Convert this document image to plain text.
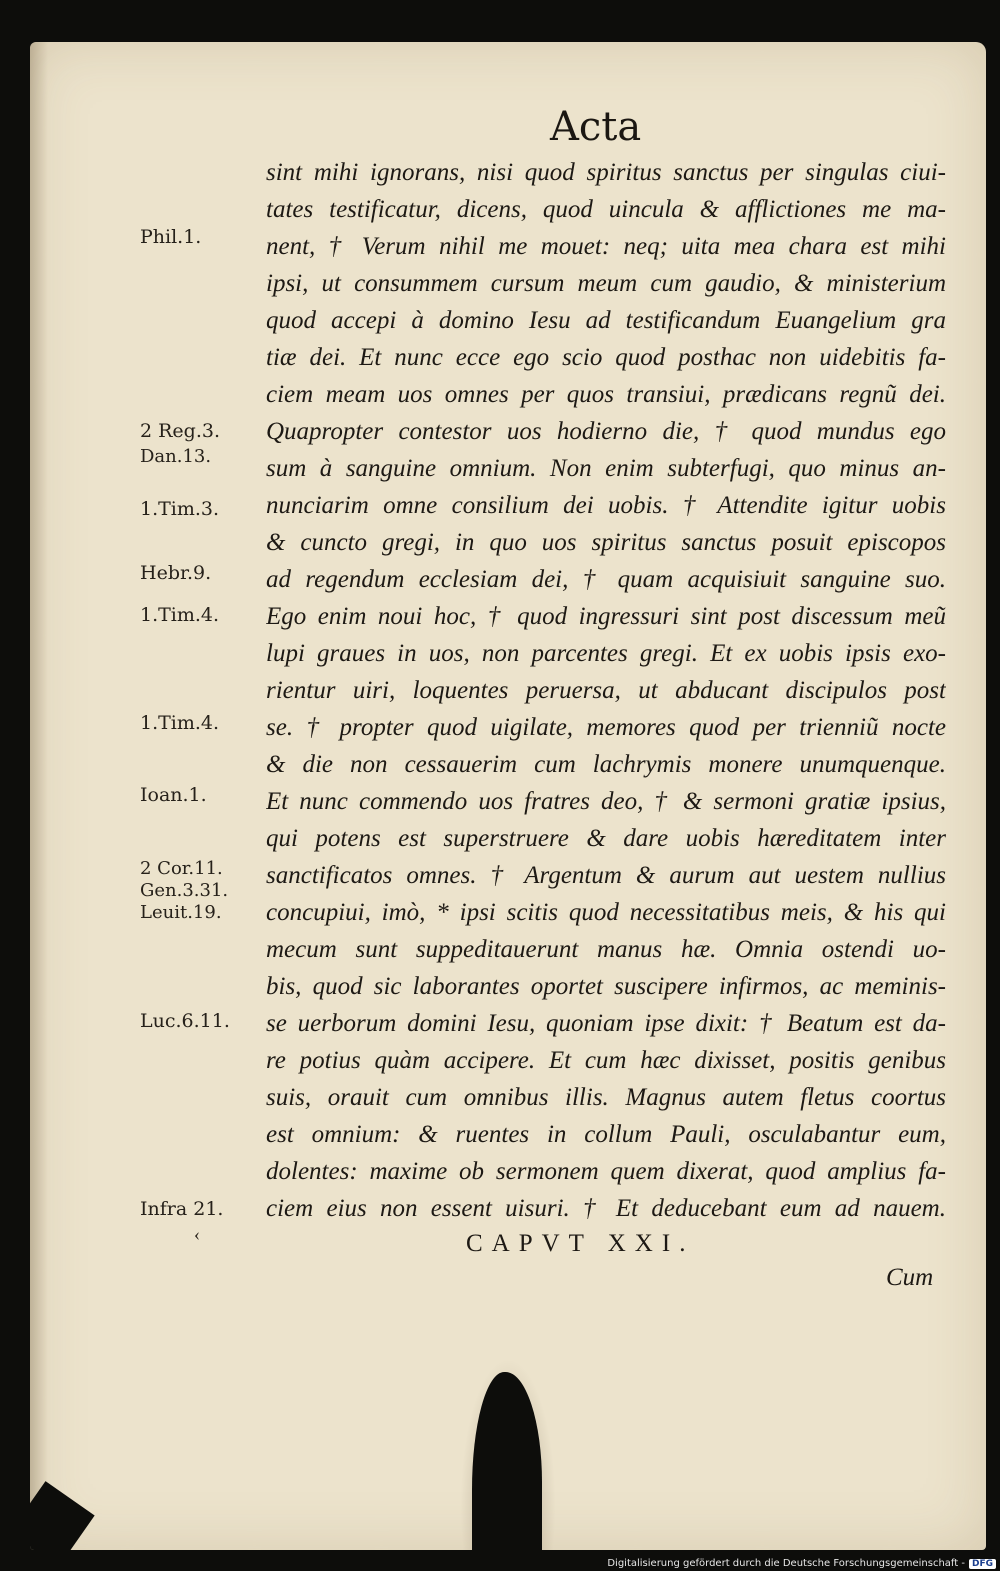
Acta
Phil.1.
2 Reg.3.
Dan.13.
1.Tim.3.
Hebr.9.
1.Tim.4.
1.Tim.4.
Ioan.1.
2 Cor.11.
Gen.3.31.
Leuit.19.
Luc.6.11.
Infra 21.
‹
sint mihi ignorans, nisi quod spiritus sanctus per singulas ciui-
tates testificatur, dicens, quod uincula & afflictiones me ma-
nent, † Verum nihil me mouet: neq; uita mea chara est mihi
ipsi, ut consummem cursum meum cum gaudio, & ministerium
quod accepi à domino Iesu ad testificandum Euangelium gra
tiæ dei. Et nunc ecce ego scio quod posthac non uidebitis fa-
ciem meam uos omnes per quos transiui, prædicans regnũ dei.
Quapropter contestor uos hodierno die, † quod mundus ego
sum à sanguine omnium. Non enim subterfugi, quo minus an-
nunciarim omne consilium dei uobis. † Attendite igitur uobis
& cuncto gregi, in quo uos spiritus sanctus posuit episcopos
ad regendum ecclesiam dei, † quam acquisiuit sanguine suo.
Ego enim noui hoc, † quod ingressuri sint post discessum meũ
lupi graues in uos, non parcentes gregi. Et ex uobis ipsis exo-
rientur uiri, loquentes peruersa, ut abducant discipulos post
se. † propter quod uigilate, memores quod per trienniũ nocte
& die non cessauerim cum lachrymis monere unumquenque.
Et nunc commendo uos fratres deo, † & sermoni gratiæ ipsius,
qui potens est superstruere & dare uobis hæreditatem inter
sanctificatos omnes. † Argentum & aurum aut uestem nullius
concupiui, imò, * ipsi scitis quod necessitatibus meis, & his qui
mecum sunt suppeditauerunt manus hæ. Omnia ostendi uo-
bis, quod sic laborantes oportet suscipere infirmos, ac meminis-
se uerborum domini Iesu, quoniam ipse dixit: † Beatum est da-
re potius quàm accipere. Et cum hæc dixisset, positis genibus
suis, orauit cum omnibus illis. Magnus autem fletus coortus
est omnium: & ruentes in collum Pauli, osculabantur eum,
dolentes: maxime ob sermonem quem dixerat, quod amplius fa-
ciem eius non essent uisuri. † Et deducebant eum ad nauem.
CAPVT XXI.
Cum
Digitalisierung gefördert durch die Deutsche Forschungsgemeinschaft - DFG
